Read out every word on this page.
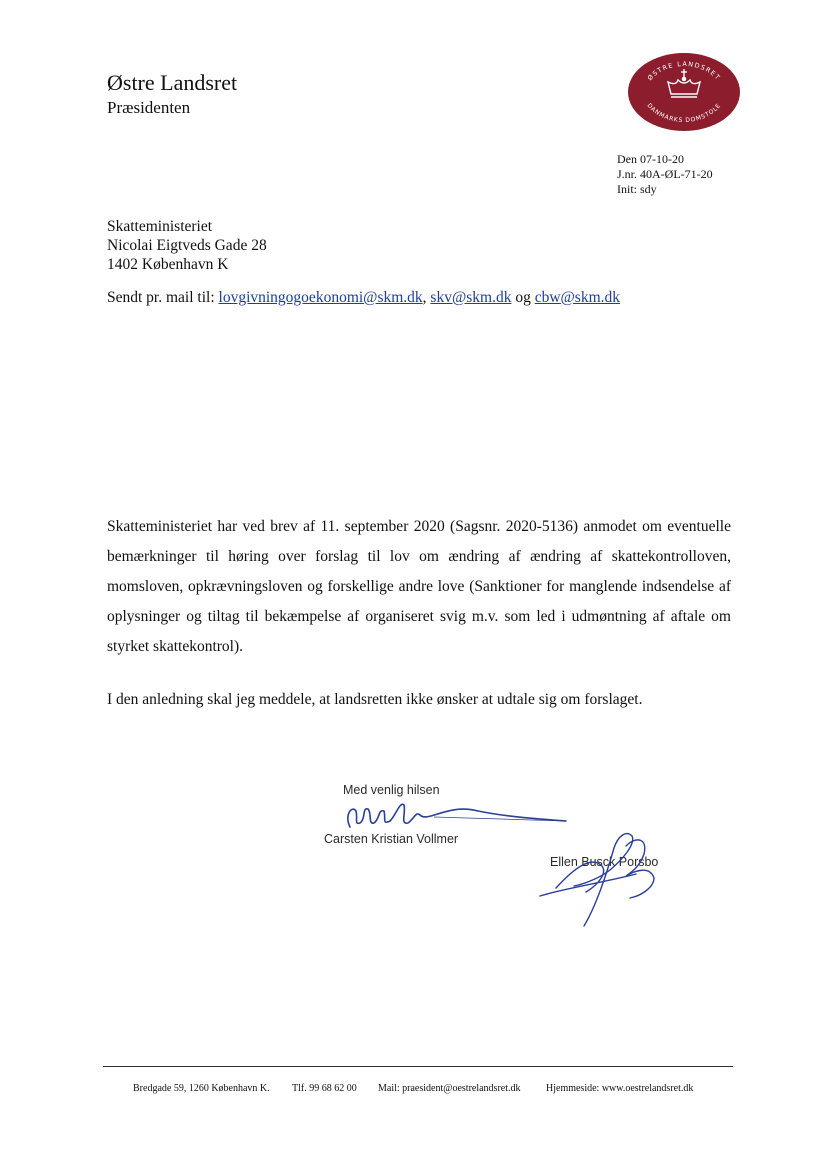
Østre Landsret
Præsidenten
ØSTRE LANDSRET
DANMARKS DOMSTOLE
Den 07-10-20
J.nr. 40A-ØL-71-20
Init: sdy
Skatteministeriet
Nicolai Eigtveds Gade 28
1402 København K
Sendt pr. mail til: lovgivningogoekonomi@skm.dk, skv@skm.dk og cbw@skm.dk
Skatteministeriet har ved brev af 11. september 2020 (Sagsnr. 2020-5136) anmodet om eventuelle bemærkninger til høring over forslag til lov om ændring af ændring af skattekontrolloven, momsloven, opkrævningsloven og forskellige andre love (Sanktioner for manglende indsendelse af oplysninger og tiltag til bekæmpelse af organiseret svig m.v. som led i udmøntning af aftale om styrket skattekontrol).
I den anledning skal jeg meddele, at landsretten ikke ønsker at udtale sig om forslaget.
Med venlig hilsen
Carsten Kristian Vollmer
Ellen Busck Porsbo
Bredgade 59, 1260 København K. Tlf. 99 68 62 00 Mail: praesident@oestrelandsret.dk	Hjemmeside: www.oestrelandsret.dk
